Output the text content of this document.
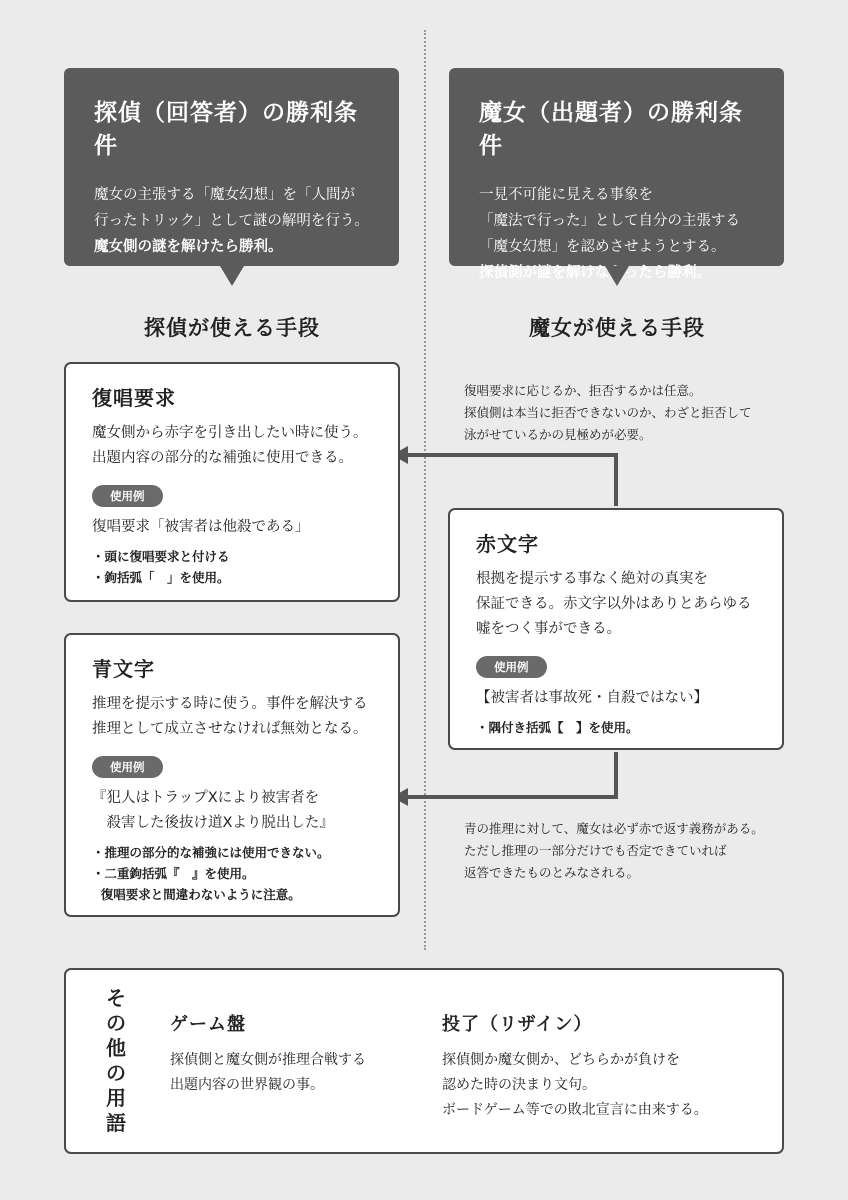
探偵（回答者）の勝利条件

魔女の主張する「魔女幻想」を「人間が

行ったトリック」として謎の解明を行う。

魔女側の謎を解けたら勝利。

魔女（出題者）の勝利条件

一見不可能に見える事象を

「魔法で行った」として自分の主張する

「魔女幻想」を認めさせようとする。

探偵側が謎を解けなかったら勝利。

探偵が使える手段	魔女が使える手段
復唱要求
魔女側から赤字を引き出したい時に使う。
出題内容の部分的な補強に使用できる。
使用例
復唱要求「被害者は他殺である」
・頭に復唱要求と付ける
・鉤括弧「　」を使用。
青文字
推理を提示する時に使う。事件を解決する
推理として成立させなければ無効となる。
使用例
『犯人はトラップXにより被害者を
　殺害した後抜け道Xより脱出した』
・推理の部分的な補強には使用できない。
・二重鉤括弧『　』を使用。
復唱要求と間違わないように注意。
復唱要求に応じるか、拒否するかは任意。
探偵側は本当に拒否できないのか、わざと拒否して
泳がせているかの見極めが必要。
赤文字
根拠を提示する事なく絶対の真実を
保証できる。赤文字以外はありとあらゆる
嘘をつく事ができる。
使用例
【被害者は事故死・自殺ではない】
・隅付き括弧【　】を使用。
青の推理に対して、魔女は必ず赤で返す義務がある。
ただし推理の一部分だけでも否定できていれば
返答できたものとみなされる。
そ
の
他
の
用
語
ゲーム盤

探偵側と魔女側が推理合戦する

出題内容の世界観の事。

投了（リザイン）

探偵側か魔女側か、どちらかが負けを

認めた時の決まり文句。

ボードゲーム等での敗北宣言に由来する。
